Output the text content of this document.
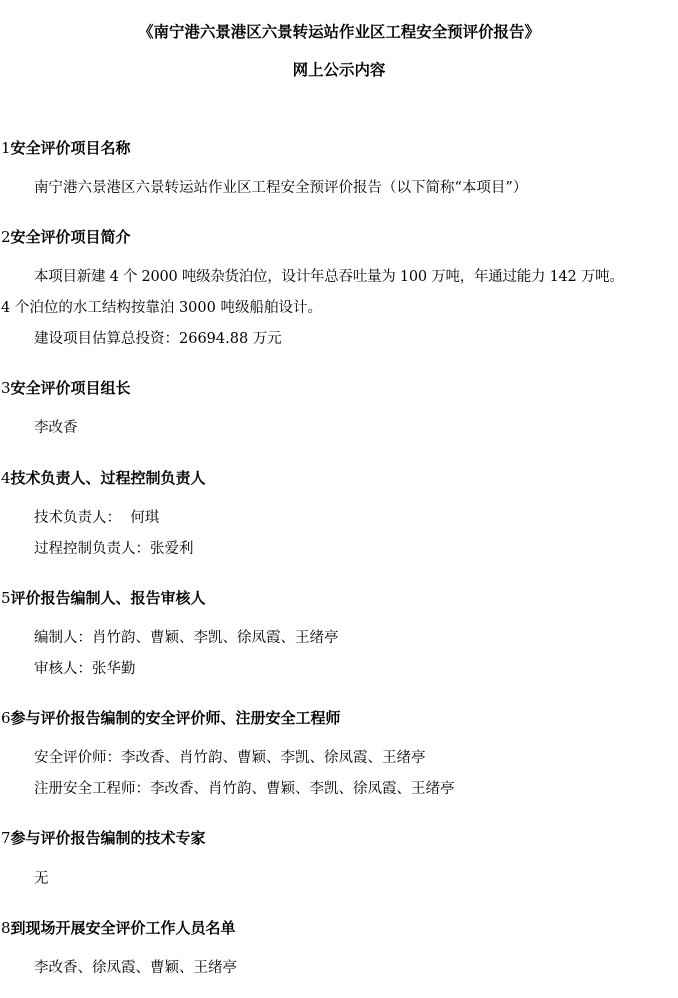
《南宁港六景港区六景转运站作业区工程安全预评价报告》
网上公示内容
1安全评价项目名称
南宁港六景港区六景转运站作业区工程安全预评价报告（以下简称“本项目”）
2安全评价项目简介
本项目新建 4 个 2000 吨级杂货泊位，设计年总吞吐量为 100 万吨，年通过能力 142 万吨。
4 个泊位的水工结构按靠泊 3000 吨级船舶设计。
建设项目估算总投资：26694.88 万元
3安全评价项目组长
李改香
4技术负责人、过程控制负责人
技术负责人：  何琪
过程控制负责人：张爱利
5评价报告编制人、报告审核人
编制人：肖竹韵、曹颖、李凯、徐凤霞、王绪亭
审核人：张华勤
6参与评价报告编制的安全评价师、注册安全工程师
安全评价师：李改香、肖竹韵、曹颖、李凯、徐凤霞、王绪亭
注册安全工程师：李改香、肖竹韵、曹颖、李凯、徐凤霞、王绪亭
7参与评价报告编制的技术专家
无
8到现场开展安全评价工作人员名单
李改香、徐凤霞、曹颖、王绪亭
